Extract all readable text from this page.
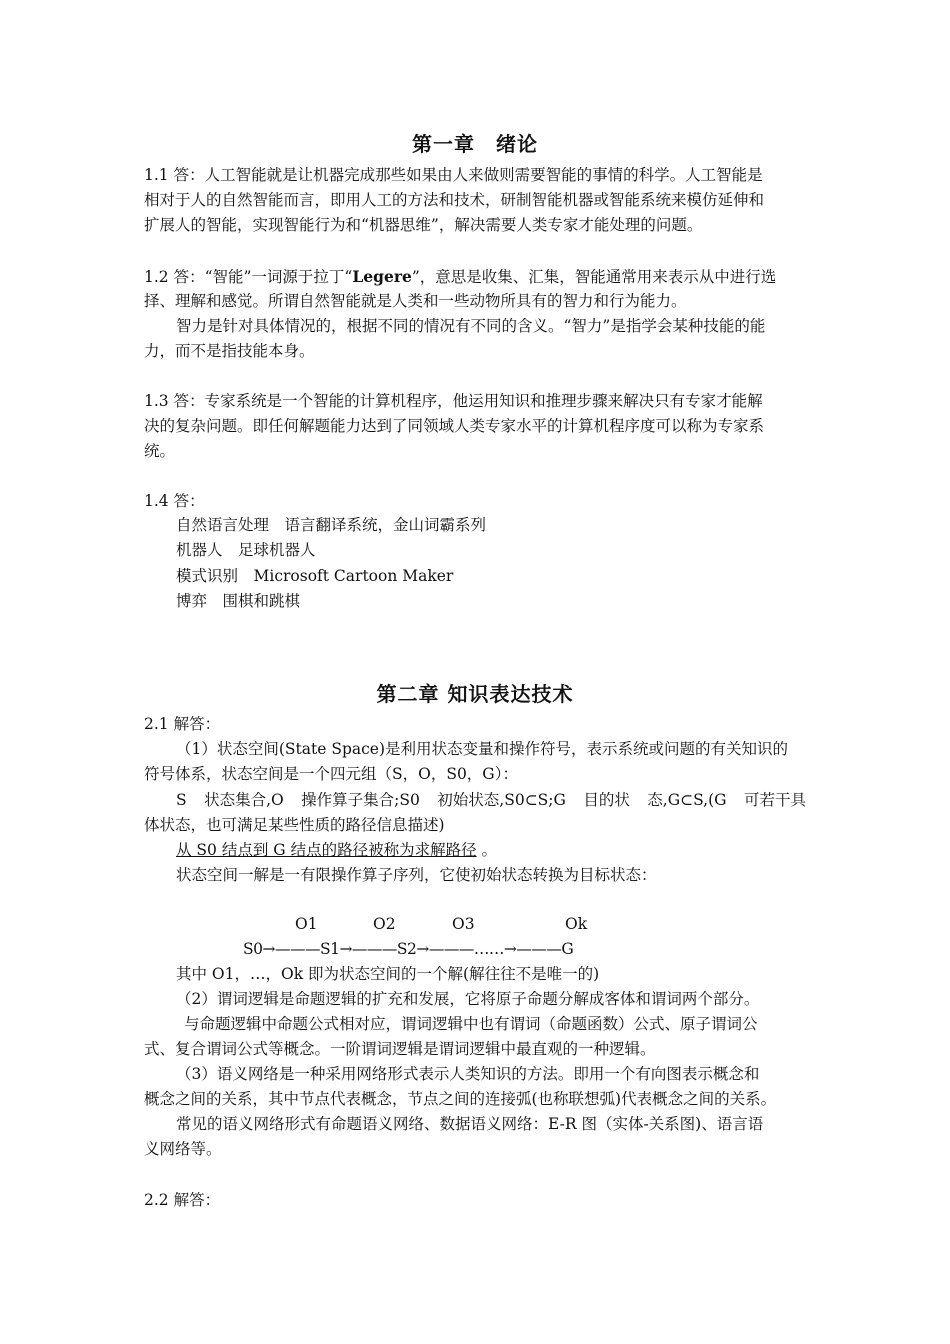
第一章　绪论
1.1 答：人工智能就是让机器完成那些如果由人来做则需要智能的事情的科学。人工智能是
相对于人的自然智能而言，即用人工的方法和技术，研制智能机器或智能系统来模仿延伸和
扩展人的智能，实现智能行为和“机器思维”，解决需要人类专家才能处理的问题。
1.2 答：“智能”一词源于拉丁“Legere”，意思是收集、汇集，智能通常用来表示从中进行选
择、理解和感觉。所谓自然智能就是人类和一些动物所具有的智力和行为能力。
智力是针对具体情况的，根据不同的情况有不同的含义。“智力”是指学会某种技能的能
力，而不是指技能本身。
1.3 答：专家系统是一个智能的计算机程序，他运用知识和推理步骤来解决只有专家才能解
决的复杂问题。即任何解题能力达到了同领域人类专家水平的计算机程序度可以称为专家系
统。
1.4 答：
自然语言处理　语言翻译系统，金山词霸系列
机器人　足球机器人
模式识别　Microsoft Cartoon Maker
博弈　围棋和跳棋
第二章 知识表达技术
2.1 解答：
（1）状态空间(State Space)是利用状态变量和操作符号，表示系统或问题的有关知识的
符号体系，状态空间是一个四元组（S，O，S0，G）：
S 状态集合,O 操作算子集合;S0 初始状态,S0⊂S;G 目的状 态,G⊂S,(G 可若干具
体状态，也可满足某些性质的路径信息描述)
从 S0 结点到 G 结点的路径被称为求解路径 。
状态空间一解是一有限操作算子序列，它使初始状态转换为目标状态：
O1	O2	O3	Ok
S0→———S1→———S2→———……→———G
其中 O1，…，Ok 即为状态空间的一个解(解往往不是唯一的)
（2）谓词逻辑是命题逻辑的扩充和发展，它将原子命题分解成客体和谓词两个部分。
与命题逻辑中命题公式相对应，谓词逻辑中也有谓词（命题函数）公式、原子谓词公
式、复合谓词公式等概念。一阶谓词逻辑是谓词逻辑中最直观的一种逻辑。
（3）语义网络是一种采用网络形式表示人类知识的方法。即用一个有向图表示概念和
概念之间的关系，其中节点代表概念，节点之间的连接弧(也称联想弧)代表概念之间的关系。
常见的语义网络形式有命题语义网络、数据语义网络：E-R 图（实体-关系图)、语言语
义网络等。
2.2 解答：
